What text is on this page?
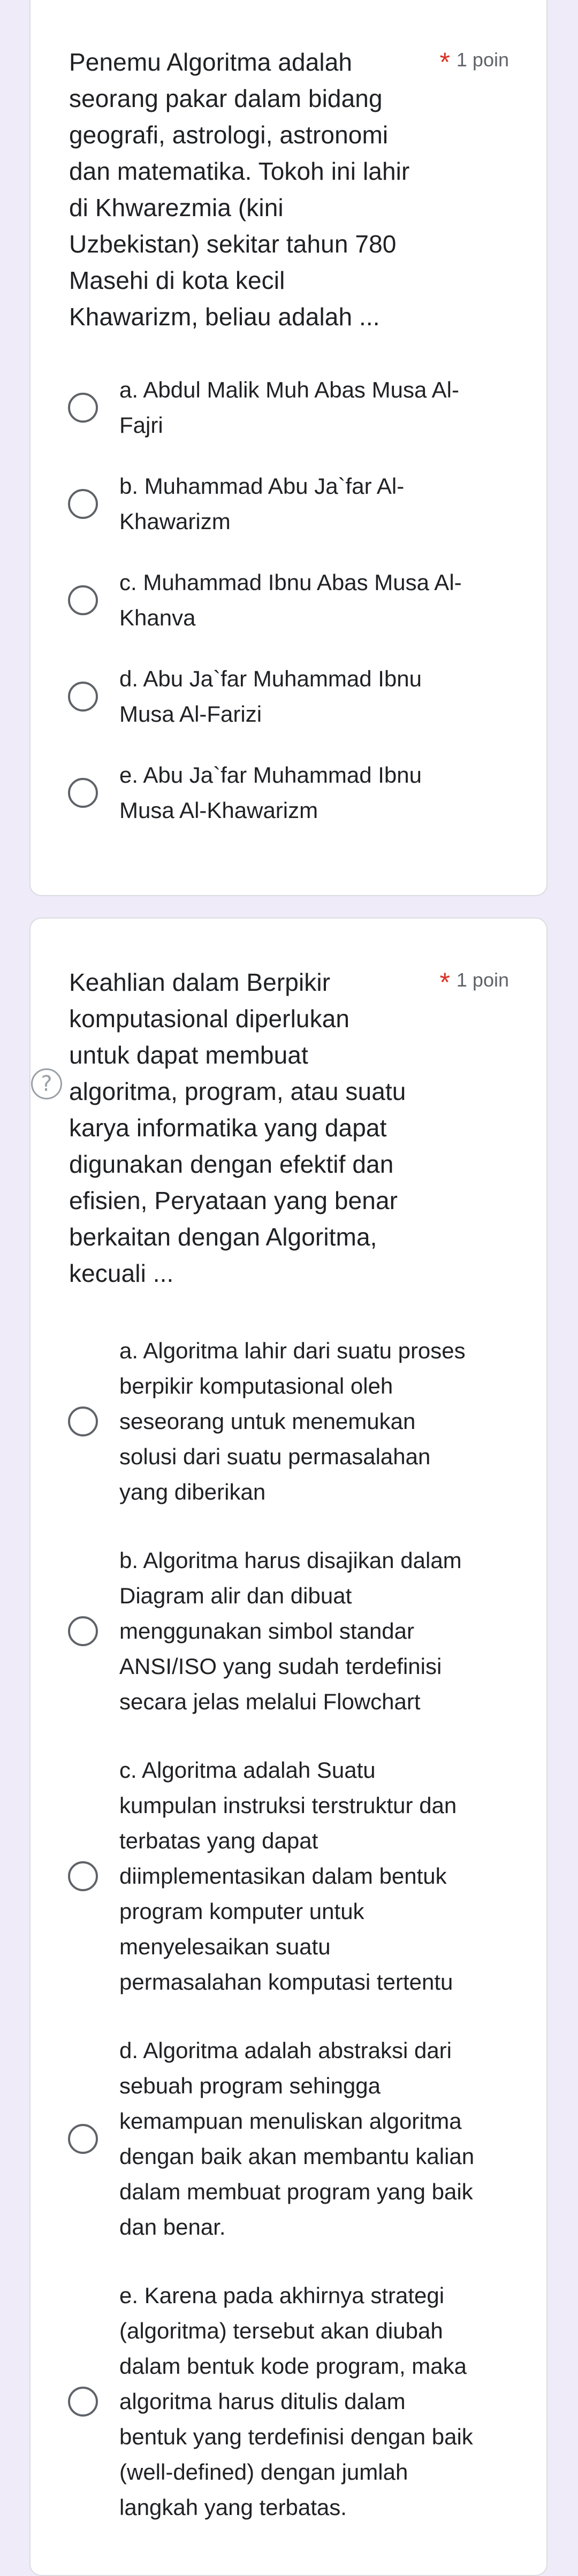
Penemu Algoritma adalah
seorang pakar dalam bidang
geografi, astrologi, astronomi
dan matematika. Tokoh ini lahir
di Khwarezmia (kini
Uzbekistan) sekitar tahun 780
Masehi di kota kecil
Khawarizm, beliau adalah ...
* 1 poin
a. Abdul Malik Muh Abas Musa Al-
Fajri
b. Muhammad Abu Ja`far Al-
Khawarizm
c. Muhammad Ibnu Abas Musa Al-
Khanva
d. Abu Ja`far Muhammad Ibnu
Musa Al-Farizi
e. Abu Ja`far Muhammad Ibnu
Musa Al-Khawarizm
Keahlian dalam Berpikir
komputasional diperlukan
untuk dapat membuat
algoritma, program, atau suatu
karya informatika yang dapat
digunakan dengan efektif dan
efisien, Peryataan yang benar
berkaitan dengan Algoritma,
kecuali ...
* 1 poin
a. Algoritma lahir dari suatu proses
berpikir komputasional oleh
seseorang untuk menemukan
solusi dari suatu permasalahan
yang diberikan
b. Algoritma harus disajikan dalam
Diagram alir dan dibuat
menggunakan simbol standar
ANSI/ISO yang sudah terdefinisi
secara jelas melalui Flowchart
c. Algoritma adalah Suatu
kumpulan instruksi terstruktur dan
terbatas yang dapat
diimplementasikan dalam bentuk
program komputer untuk
menyelesaikan suatu
permasalahan komputasi tertentu
d. Algoritma adalah abstraksi dari
sebuah program sehingga
kemampuan menuliskan algoritma
dengan baik akan membantu kalian
dalam membuat program yang baik
dan benar.
e. Karena pada akhirnya strategi
(algoritma) tersebut akan diubah
dalam bentuk kode program, maka
algoritma harus ditulis dalam
bentuk yang terdefinisi dengan baik
(well-defined) dengan jumlah
langkah yang terbatas.
?
